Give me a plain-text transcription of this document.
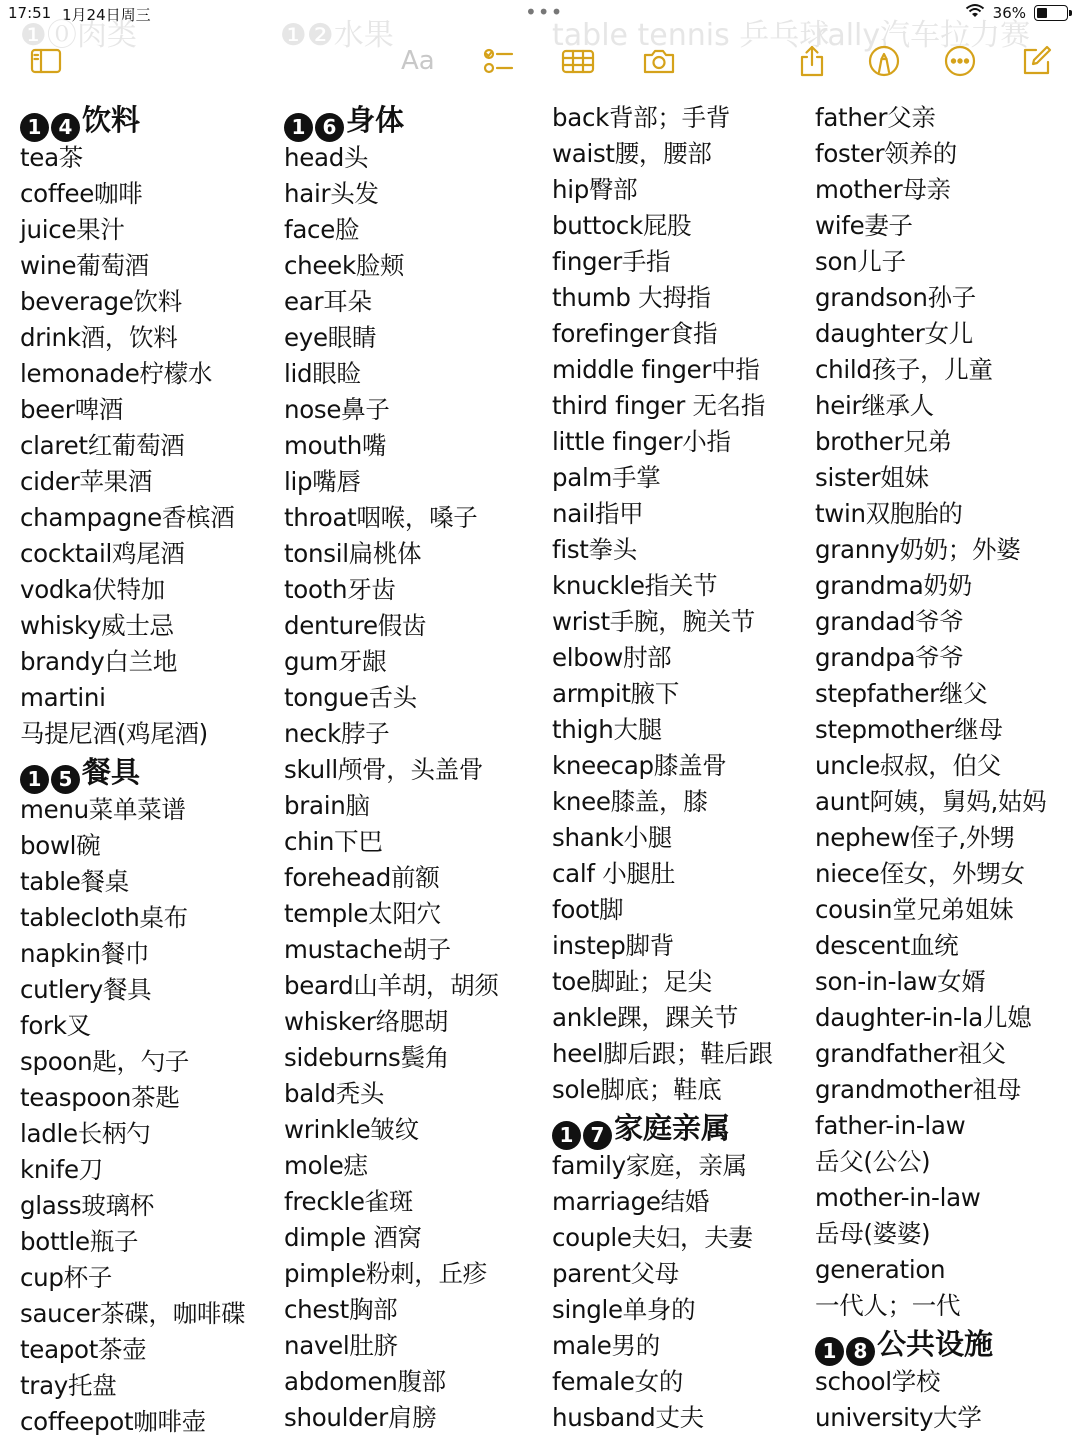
17:51 1月24日周三	•••	36%
❶⓪肉类	❶❷水果	table tennis 乒乓球
rally汽车拉力赛
Aa
1 4 饮料
tea茶
coffee咖啡
juice果汁
wine葡萄酒
beverage饮料
drink酒，饮料
lemonade柠檬水
beer啤酒
claret红葡萄酒
cider苹果酒
champagne香槟酒
cocktail鸡尾酒
vodka伏特加
whisky威士忌
brandy白兰地
martini
马提尼酒(鸡尾酒)
1 5 餐具
menu菜单菜谱
bowl碗
table餐桌
tablecloth桌布
napkin餐巾
cutlery餐具
fork叉
spoon匙，勺子
teaspoon茶匙
ladle长柄勺
knife刀
glass玻璃杯
bottle瓶子
cup杯子
saucer茶碟，咖啡碟
teapot茶壶
tray托盘
coffeepot咖啡壶
1 6 身体
head头
hair头发
face脸
cheek脸颊
ear耳朵
eye眼睛
lid眼睑
nose鼻子
mouth嘴
lip嘴唇
throat咽喉，嗓子
tonsil扁桃体
tooth牙齿
denture假齿
gum牙龈
tongue舌头
neck脖子
skull颅骨，头盖骨
brain脑
chin下巴
forehead前额
temple太阳穴
mustache胡子
beard山羊胡，胡须
whisker络腮胡
sideburns鬓角
bald秃头
wrinkle皱纹
mole痣
freckle雀斑
dimple 酒窝
pimple粉刺，丘疹
chest胸部
navel肚脐
abdomen腹部
shoulder肩膀
back背部；手背
waist腰，腰部
hip臀部
buttock屁股
finger手指
thumb 大拇指
forefinger食指
middle finger中指
third finger 无名指
little finger小指
palm手掌
nail指甲
fist拳头
knuckle指关节
wrist手腕，腕关节
elbow肘部
armpit腋下
thigh大腿
kneecap膝盖骨
knee膝盖，膝
shank小腿
calf 小腿肚
foot脚
instep脚背
toe脚趾；足尖
ankle踝，踝关节
heel脚后跟；鞋后跟
sole脚底；鞋底
1 7 家庭亲属
family家庭，亲属
marriage结婚
couple夫妇，夫妻
parent父母
single单身的
male男的
female女的
husband丈夫
father父亲
foster领养的
mother母亲
wife妻子
son儿子
grandson孙子
daughter女儿
child孩子，儿童
heir继承人
brother兄弟
sister姐妹
twin双胞胎的
granny奶奶；外婆
grandma奶奶
grandad爷爷
grandpa爷爷
stepfather继父
stepmother继母
uncle叔叔，伯父
aunt阿姨，舅妈,姑妈
nephew侄子,外甥
niece侄女，外甥女
cousin堂兄弟姐妹
descent血统
son-in-law女婿
daughter-in-la儿媳
grandfather祖父
grandmother祖母
father-in-law
岳父(公公)
mother-in-law
岳母(婆婆)
generation
一代人；一代
1 8 公共设施
school学校
university大学
